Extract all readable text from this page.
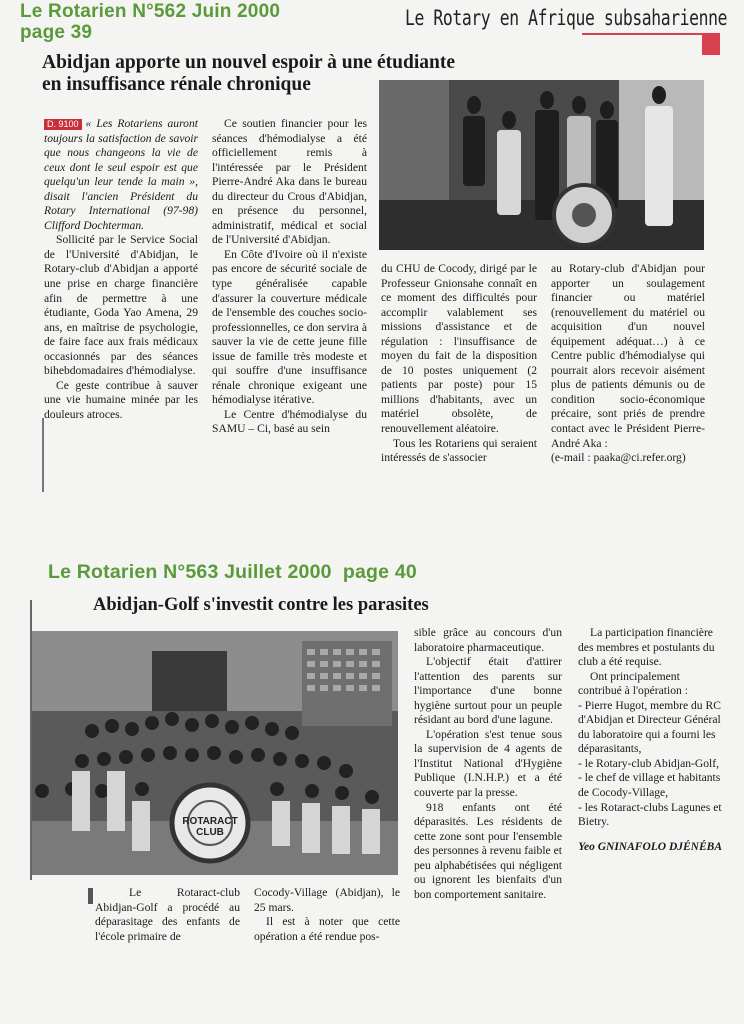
Le Rotarien N°562 Juin 2000
page 39
Le Rotary en Afrique subsaharienne
Abidjan apporte un nouvel espoir à une étudiante
en insuffisance rénale chronique

D. 9100 « Les Rotariens auront toujours la satisfaction de savoir que nous changeons la vie de ceux dont le seul espoir est que quelqu'un leur tende la main », disait l'ancien Président du Rotary International (97-98) Clifford Dochterman.

Sollicité par le Service Social de l'Université d'Abidjan, le Rotary-club d'Abidjan a apporté une prise en charge financière afin de permettre à une étudiante, Goda Yao Amena, 29 ans, en maîtrise de psychologie, de faire face aux frais médicaux occasionnés par des séances bihebdomadaires d'hémodialyse.

Ce geste contribue à sauver une vie humaine minée par les douleurs atroces.

Ce soutien financier pour les séances d'hémodialyse a été officiellement remis à l'intéressée par le Président Pierre-André Aka dans le bureau du directeur du Crous d'Abidjan, en présence du personnel, administratif, médical et social de l'Université d'Abidjan.

En Côte d'Ivoire où il n'existe pas encore de sécurité sociale de type généralisée capable d'assurer la couverture médicale de l'ensemble des couches socio-professionnelles, ce don servira à sauver la vie de cette jeune fille issue de famille très modeste et qui souffre d'une insuffisance rénale chronique exigeant une hémodialyse itérative.

Le Centre d'hémodialyse du SAMU – Ci, basé au sein

du CHU de Cocody, dirigé par le Professeur Gnionsahe connaît en ce moment des difficultés pour accomplir valablement ses missions d'assistance et de régulation : l'insuffisance de moyen du fait de la disposition de 10 postes uniquement (2 patients par poste) pour 15 millions d'habitants, avec un matériel obsolète, de renouvellement aléatoire.

Tous les Rotariens qui seraient intéressés de s'associer

au Rotary-club d'Abidjan pour apporter un soulagement financier ou matériel (renouvellement du matériel ou acquisition d'un nouvel équipement adéquat…) à ce Centre public d'hémodialyse qui pourrait alors recevoir aisément plus de patients démunis ou de condition socio-économique précaire, sont priés de prendre contact avec le Président Pierre-André Aka :

(e-mail : paaka@ci.refer.org)

Le Rotarien N°563 Juillet 2000  page 40
Abidjan-Golf s'investit contre les parasites
ROTARACT CLUB

Le Rotaract-club Abidjan-Golf a procédé au déparasitage des enfants de l'école primaire de

Cocody-Village (Abidjan), le 25 mars.

Il est à noter que cette opération a été rendue pos-

sible grâce au concours d'un laboratoire pharmaceutique.

L'objectif était d'attirer l'attention des parents sur l'importance d'une bonne hygiène surtout pour un peuple résidant au bord d'une lagune.

L'opération s'est tenue sous la supervision de 4 agents de l'Institut National d'Hygiène Publique (I.N.H.P.) et a été couverte par la presse.

918 enfants ont été déparasités. Les résidents de cette zone sont pour l'ensemble des personnes à revenu faible et peu alphabétisées qui négligent ou ignorent les bienfaits d'un bon comportement sanitaire.

La participation financière des membres et postulants du club a été requise.

Ont principalement contribué à l'opération :

- Pierre Hugot, membre du RC d'Abidjan et Directeur Général du laboratoire qui a fourni les déparasitants,

- le Rotary-club Abidjan-Golf,

- le chef de village et habitants de Cocody-Village,

- les Rotaract-clubs Lagunes et Bietry.

Yeo GNINAFOLO DJÉNÉBA
